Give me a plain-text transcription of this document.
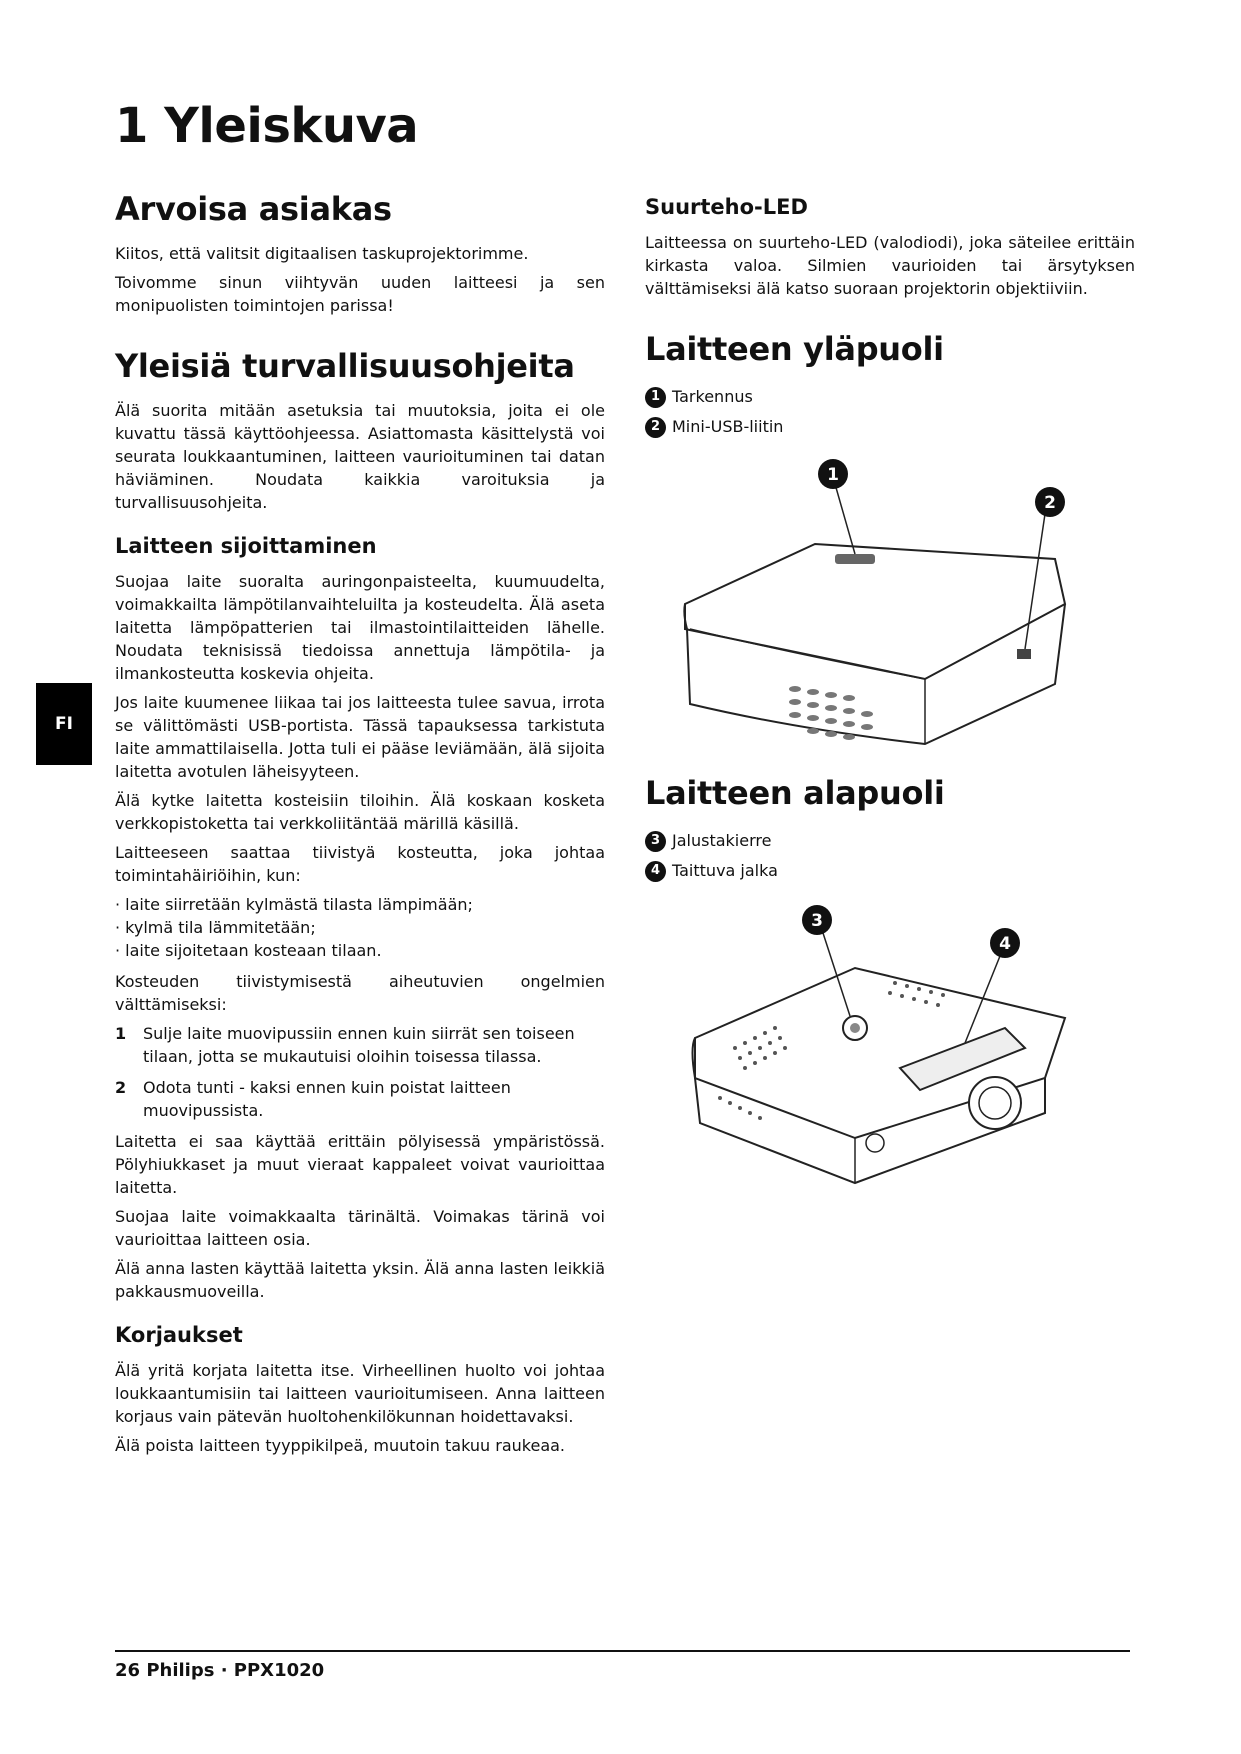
1 Yleiskuva
FI
Arvoisa asiakas

Kiitos, että valitsit digitaalisen taskuprojektorimme.

Toivomme sinun viihtyvän uuden laitteesi ja sen monipuolisten toimintojen parissa!

Yleisiä turvallisuusohjeita

Älä suorita mitään asetuksia tai muutoksia, joita ei ole kuvattu tässä käyttöohjeessa. Asiattomasta käsittelystä voi seurata loukkaantuminen, laitteen vaurioituminen tai datan häviäminen. Noudata kaikkia varoituksia ja turvallisuusohjeita.

Laitteen sijoittaminen

Suojaa laite suoralta auringonpaisteelta, kuumuudelta, voimakkailta lämpötilanvaihteluilta ja kosteudelta. Älä aseta laitetta lämpöpatterien tai ilmastointilaitteiden lähelle. Noudata teknisissä tiedoissa annettuja lämpötila- ja ilmankosteutta koskevia ohjeita.

Jos laite kuumenee liikaa tai jos laitteesta tulee savua, irrota se välittömästi USB-portista. Tässä tapauksessa tarkistuta laite ammattilaisella. Jotta tuli ei pääse leviämään, älä sijoita laitetta avotulen läheisyyteen.

Älä kytke laitetta kosteisiin tiloihin. Älä koskaan kosketa verkkopistoketta tai verkkoliitäntää märillä käsillä.

Laitteeseen saattaa tiivistyä kosteutta, joka johtaa toimintahäiriöihin, kun:

· laite siirretään kylmästä tilasta lämpimään;
· kylmä tila lämmitetään;
· laite sijoitetaan kosteaan tilaan.

Kosteuden tiivistymisestä aiheutuvien ongelmien välttämiseksi:

1 Sulje laite muovipussiin ennen kuin siirrät sen toiseen tilaan, jotta se mukautuisi oloihin toisessa tilassa.
2 Odota tunti - kaksi ennen kuin poistat laitteen muovipussista.

Laitetta ei saa käyttää erittäin pölyisessä ympäristössä. Pölyhiukkaset ja muut vieraat kappaleet voivat vaurioittaa laitetta.

Suojaa laite voimakkaalta tärinältä. Voimakas tärinä voi vaurioittaa laitteen osia.

Älä anna lasten käyttää laitetta yksin. Älä anna lasten leikkiä pakkausmuoveilla.

Korjaukset

Älä yritä korjata laitetta itse. Virheellinen huolto voi johtaa loukkaantumisiin tai laitteen vaurioitumiseen. Anna laitteen korjaus vain pätevän huoltohenkilökunnan hoidettavaksi.

Älä poista laitteen tyyppikilpeä, muutoin takuu raukeaa.

Suurteho-LED

Laitteessa on suurteho-LED (valodiodi), joka säteilee erittäin kirkasta valoa. Silmien vaurioiden tai ärsytyksen välttämiseksi älä katso suoraan projektorin objektiiviin.

Laitteen yläpuoli
1 Tarkennus
2 Mini-USB-liitin
1
2
Laitteen alapuoli
3 Jalustakierre
4 Taittuva jalka
3
4
26 Philips · PPX1020
